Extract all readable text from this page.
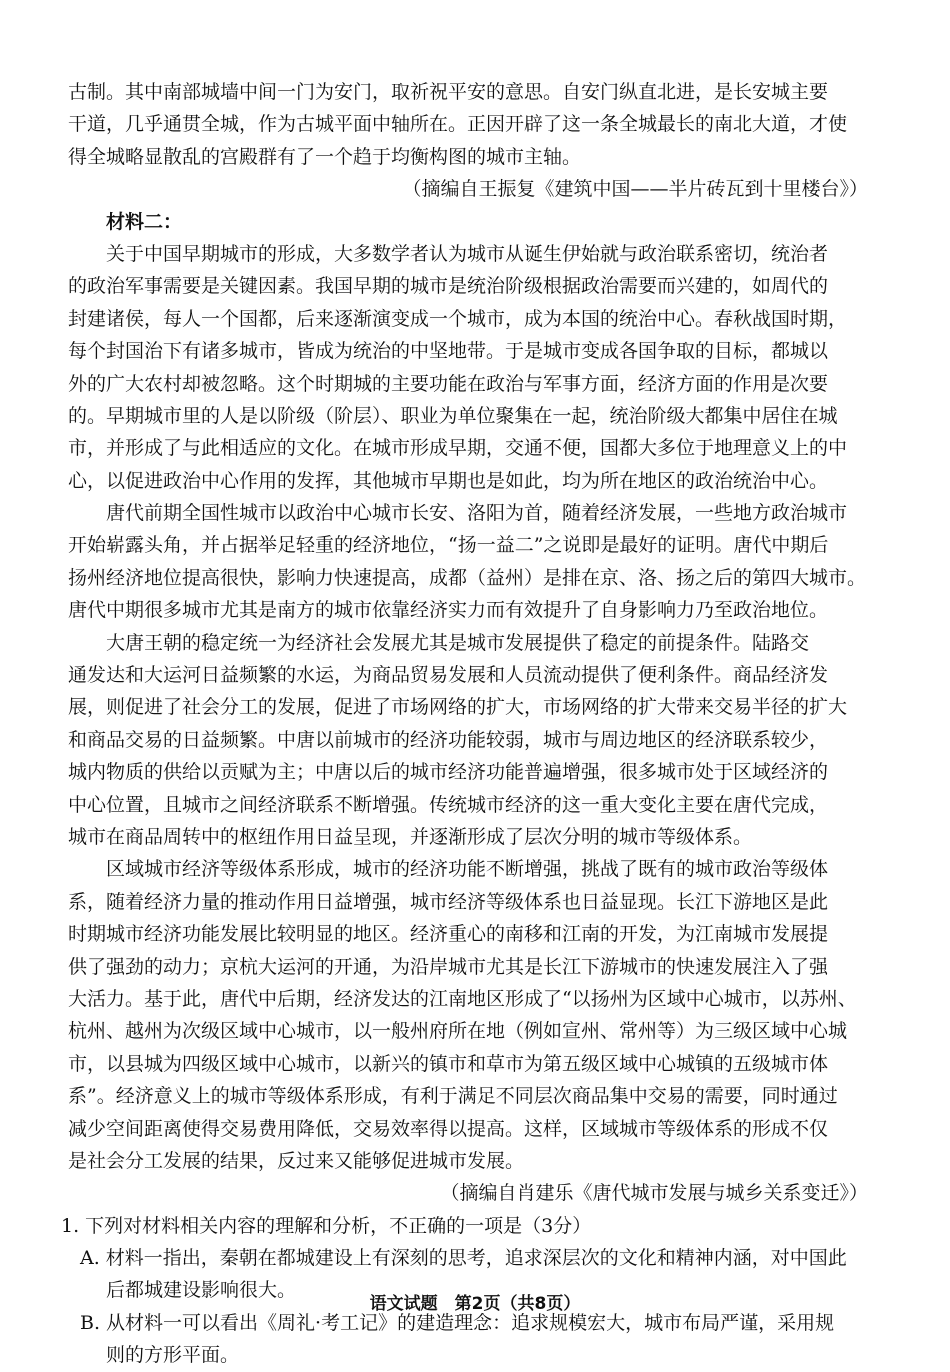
古制。其中南部城墙中间一门为安门，取祈祝平安的意思。自安门纵直北进，是长安城主要
干道，几乎通贯全城，作为古城平面中轴所在。正因开辟了这一条全城最长的南北大道，才使
得全城略显散乱的宫殿群有了一个趋于均衡构图的城市主轴。
（摘编自王振复《建筑中国——半片砖瓦到十里楼台》）
材料二：
　　关于中国早期城市的形成，大多数学者认为城市从诞生伊始就与政治联系密切，统治者
的政治军事需要是关键因素。我国早期的城市是统治阶级根据政治需要而兴建的，如周代的
封建诸侯，每人一个国都，后来逐渐演变成一个城市，成为本国的统治中心。春秋战国时期，
每个封国治下有诸多城市，皆成为统治的中坚地带。于是城市变成各国争取的目标，都城以
外的广大农村却被忽略。这个时期城的主要功能在政治与军事方面，经济方面的作用是次要
的。早期城市里的人是以阶级（阶层）、职业为单位聚集在一起，统治阶级大都集中居住在城
市，并形成了与此相适应的文化。在城市形成早期，交通不便，国都大多位于地理意义上的中
心，以促进政治中心作用的发挥，其他城市早期也是如此，均为所在地区的政治统治中心。
　　唐代前期全国性城市以政治中心城市长安、洛阳为首，随着经济发展，一些地方政治城市
开始崭露头角，并占据举足轻重的经济地位，“扬一益二”之说即是最好的证明。唐代中期后
扬州经济地位提高很快，影响力快速提高，成都（益州）是排在京、洛、扬之后的第四大城市。
唐代中期很多城市尤其是南方的城市依靠经济实力而有效提升了自身影响力乃至政治地位。
　　大唐王朝的稳定统一为经济社会发展尤其是城市发展提供了稳定的前提条件。陆路交
通发达和大运河日益频繁的水运，为商品贸易发展和人员流动提供了便利条件。商品经济发
展，则促进了社会分工的发展，促进了市场网络的扩大，市场网络的扩大带来交易半径的扩大
和商品交易的日益频繁。中唐以前城市的经济功能较弱，城市与周边地区的经济联系较少，
城内物质的供给以贡赋为主；中唐以后的城市经济功能普遍增强，很多城市处于区域经济的
中心位置，且城市之间经济联系不断增强。传统城市经济的这一重大变化主要在唐代完成，
城市在商品周转中的枢纽作用日益呈现，并逐渐形成了层次分明的城市等级体系。
　　区域城市经济等级体系形成，城市的经济功能不断增强，挑战了既有的城市政治等级体
系，随着经济力量的推动作用日益增强，城市经济等级体系也日益显现。长江下游地区是此
时期城市经济功能发展比较明显的地区。经济重心的南移和江南的开发，为江南城市发展提
供了强劲的动力；京杭大运河的开通，为沿岸城市尤其是长江下游城市的快速发展注入了强
大活力。基于此，唐代中后期，经济发达的江南地区形成了“以扬州为区域中心城市，以苏州、
杭州、越州为次级区域中心城市，以一般州府所在地（例如宣州、常州等）为三级区域中心城
市，以县城为四级区域中心城市，以新兴的镇市和草市为第五级区域中心城镇的五级城市体
系”。经济意义上的城市等级体系形成，有利于满足不同层次商品集中交易的需要，同时通过
减少空间距离使得交易费用降低，交易效率得以提高。这样，区域城市等级体系的形成不仅
是社会分工发展的结果，反过来又能够促进城市发展。
（摘编自肖建乐《唐代城市发展与城乡关系变迁》）
1. 下列对材料相关内容的理解和分析，不正确的一项是（3分）
A. 材料一指出，秦朝在都城建设上有深刻的思考，追求深层次的文化和精神内涵，对中国此
后都城建设影响很大。
B. 从材料一可以看出《周礼·考工记》的建造理念：追求规模宏大，城市布局严谨，采用规
则的方形平面。
语文试题　第2页（共8页）
